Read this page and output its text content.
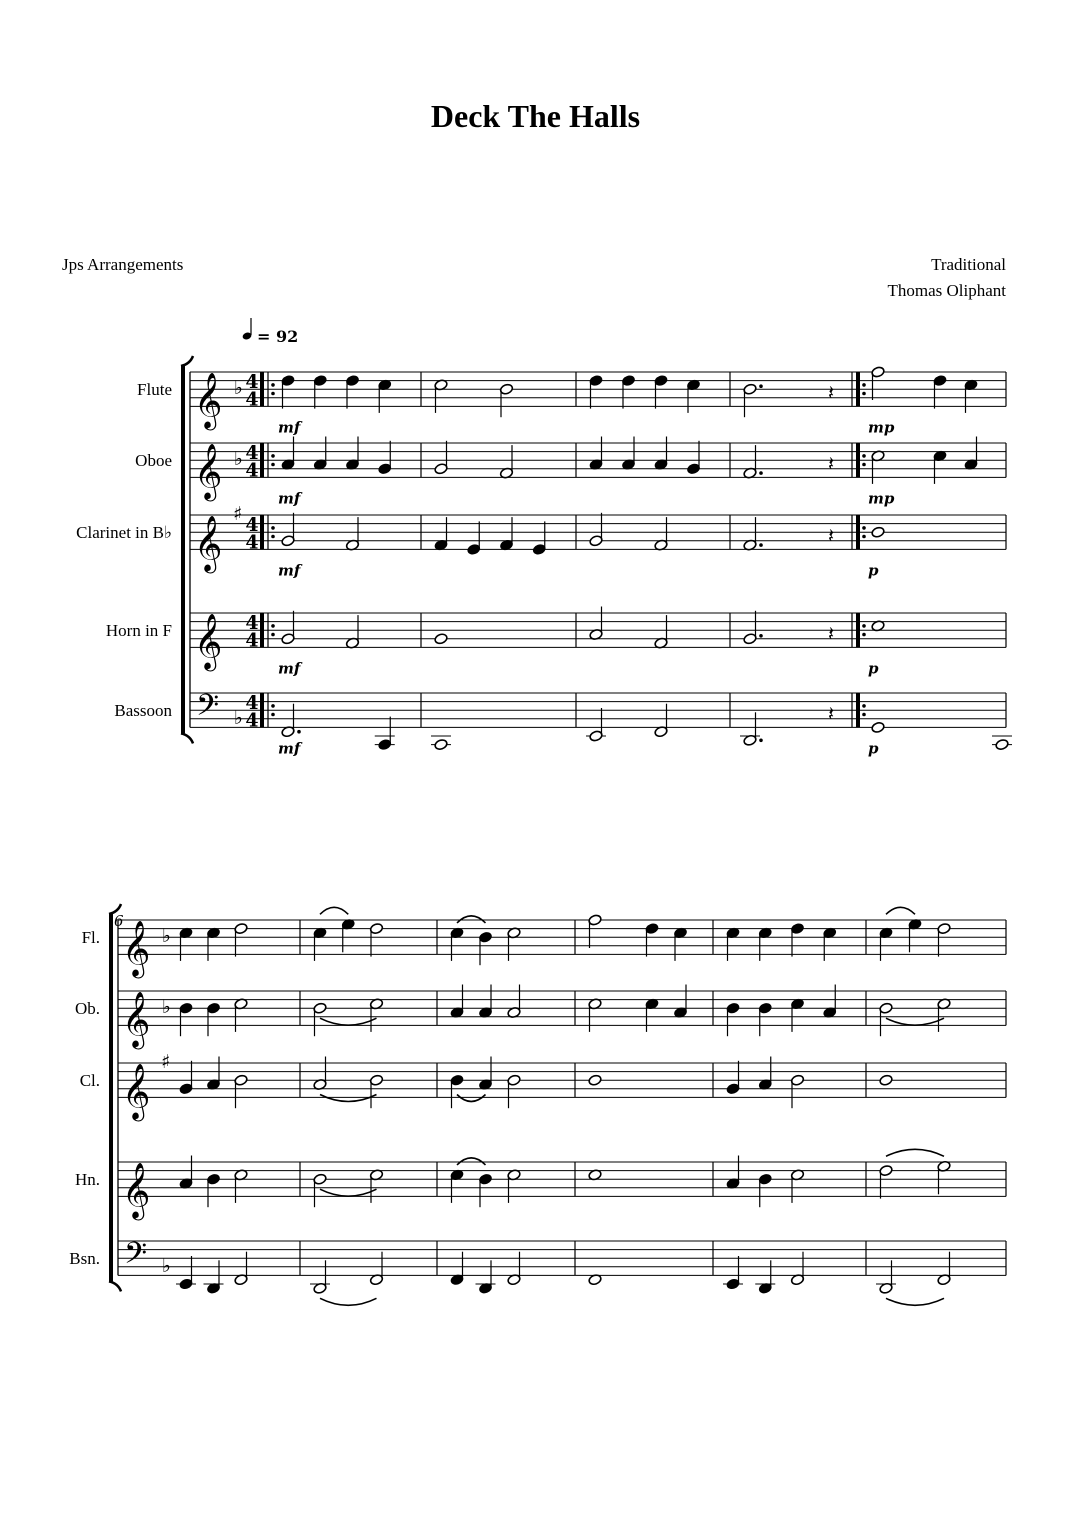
Deck The Halls
Jps Arrangements	Traditional
Thomas Oliphant
Flute 𝄞 ♭ 4
4
mf
𝄽
mp
Oboe 𝄞 ♭ 4
4
mf
𝄽
mp
Clarinet in B♭ 𝄞
♯
4
4
mf
𝄽
p
Horn in F 𝄞 4
4
mf
𝄽
p
Bassoon 𝄢 ♭
4
4
mf
𝄽
p
6
Fl. 𝄞 ♭
Ob. 𝄞 ♭
Cl. 𝄞
♯
Hn. 𝄞
Bsn. 𝄢 ♭
= 92
